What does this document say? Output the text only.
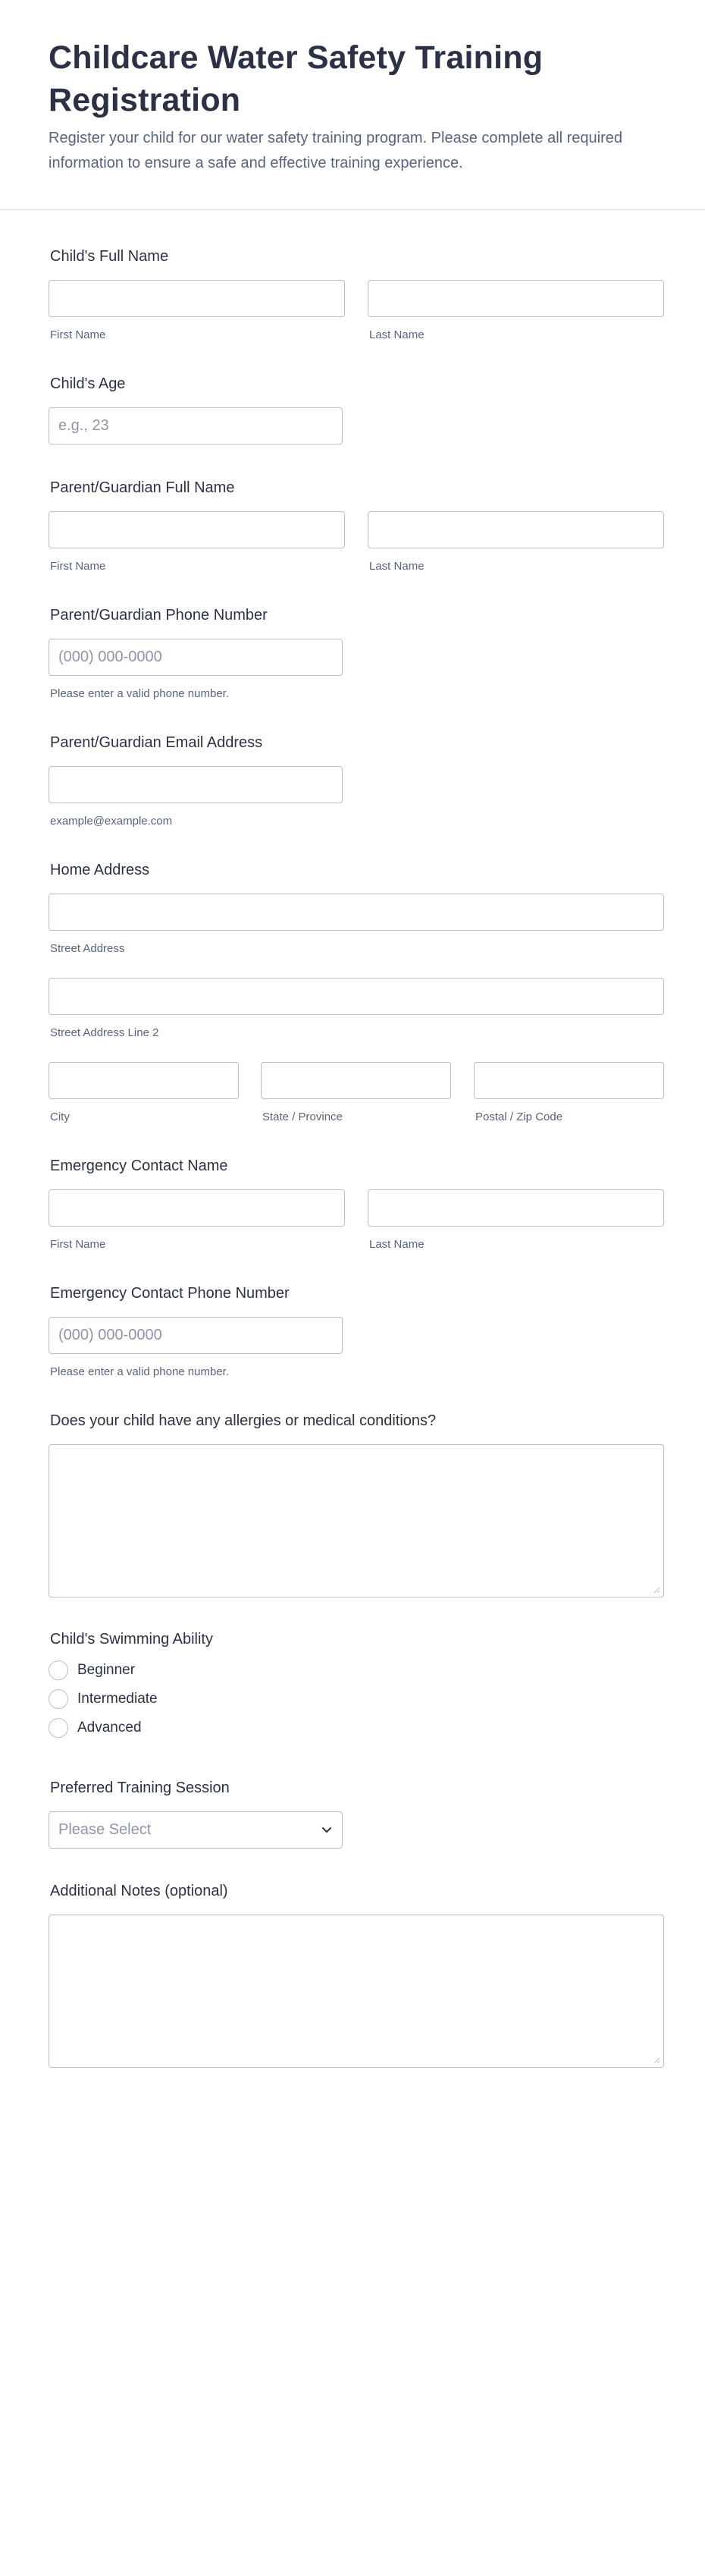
Childcare Water Safety Training Registration

Register your child for our water safety training program. Please complete all required information to ensure a safe and effective training experience.

Child's Full Name
First Name	Last Name
Child's Age
e.g., 23
Parent/Guardian Full Name
First Name	Last Name
Parent/Guardian Phone Number
(000) 000-0000
Please enter a valid phone number.
Parent/Guardian Email Address
example@example.com
Home Address
Street Address
Street Address Line 2
City	State / Province	Postal / Zip Code
Emergency Contact Name
First Name	Last Name
Emergency Contact Phone Number
(000) 000-0000
Please enter a valid phone number.
Does your child have any allergies or medical conditions?
Child's Swimming Ability
Beginner
Intermediate
Advanced
Preferred Training Session
Please Select
Additional Notes (optional)
